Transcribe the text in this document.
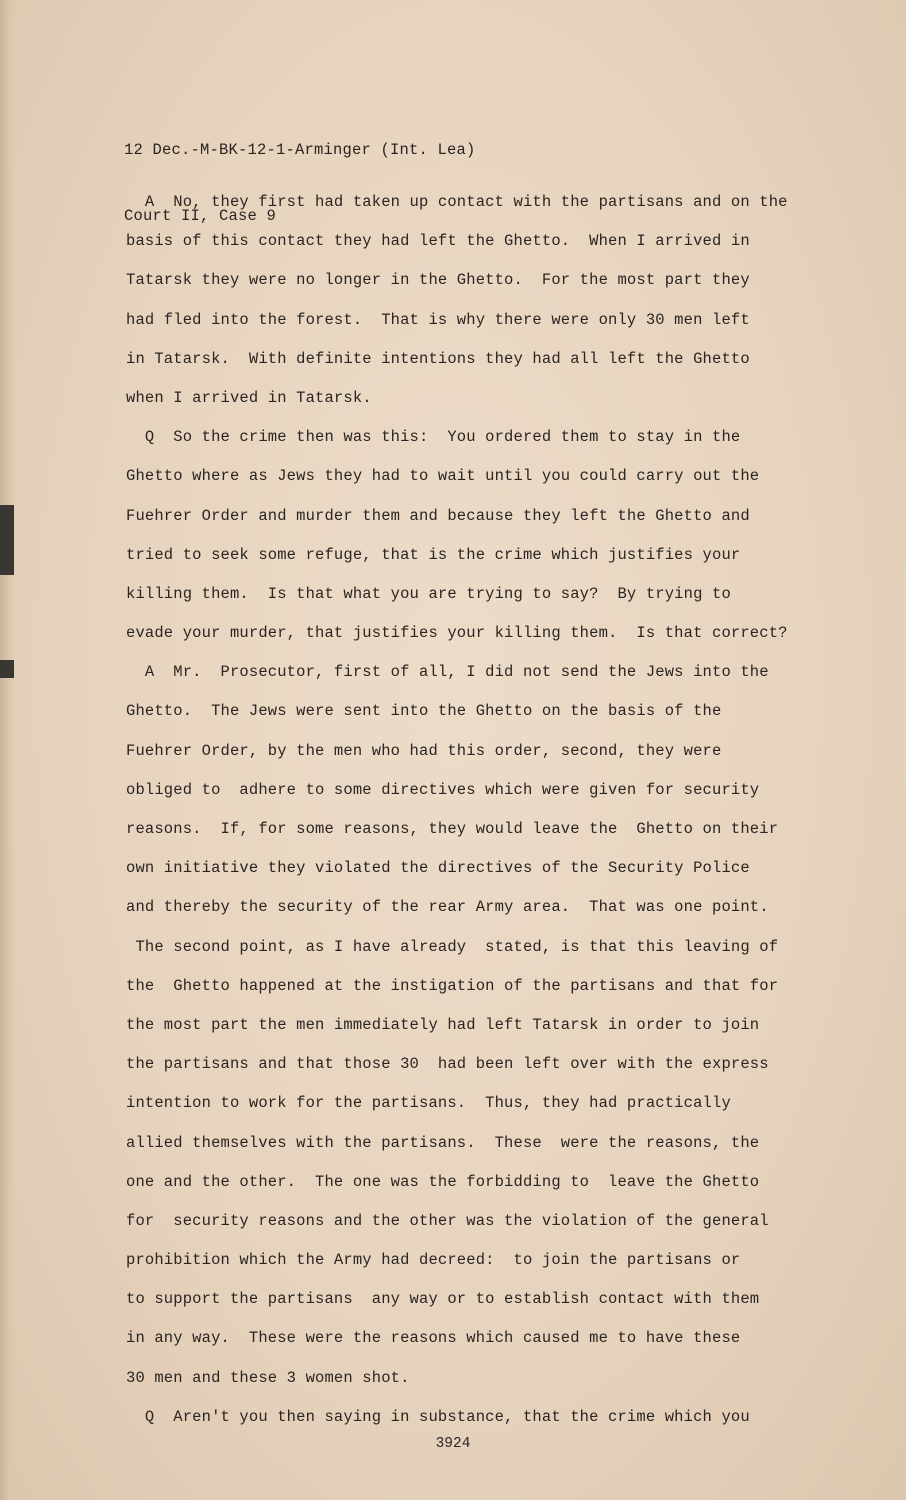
12 Dec.-M-BK-12-1-Arminger (Int. Lea)

Court II, Case 9

A  No, they first had taken up contact with the partisans and on the
basis of this contact they had left the Ghetto.  When I arrived in
Tatarsk they were no longer in the Ghetto.  For the most part they
had fled into the forest.  That is why there were only 30 men left
in Tatarsk.  With definite intentions they had all left the Ghetto
when I arrived in Tatarsk.
Q  So the crime then was this:  You ordered them to stay in the
Ghetto where as Jews they had to wait until you could carry out the
Fuehrer Order and murder them and because they left the Ghetto and
tried to seek some refuge, that is the crime which justifies your
killing them.  Is that what you are trying to say?  By trying to
evade your murder, that justifies your killing them.  Is that correct?
A  Mr.  Prosecutor, first of all, I did not send the Jews into the
Ghetto.  The Jews were sent into the Ghetto on the basis of the
Fuehrer Order, by the men who had this order, second, they were
obliged to  adhere to some directives which were given for security
reasons.  If, for some reasons, they would leave the  Ghetto on their
own initiative they violated the directives of the Security Police
and thereby the security of the rear Army area.  That was one point.
The second point, as I have already  stated, is that this leaving of
the  Ghetto happened at the instigation of the partisans and that for
the most part the men immediately had left Tatarsk in order to join
the partisans and that those 30  had been left over with the express
intention to work for the partisans.  Thus, they had practically
allied themselves with the partisans.  These  were the reasons, the
one and the other.  The one was the forbidding to  leave the Ghetto
for  security reasons and the other was the violation of the general
prohibition which the Army had decreed:  to join the partisans or
to support the partisans  any way or to establish contact with them
in any way.  These were the reasons which caused me to have these
30 men and these 3 women shot.
Q  Aren't you then saying in substance, that the crime which you
3924
